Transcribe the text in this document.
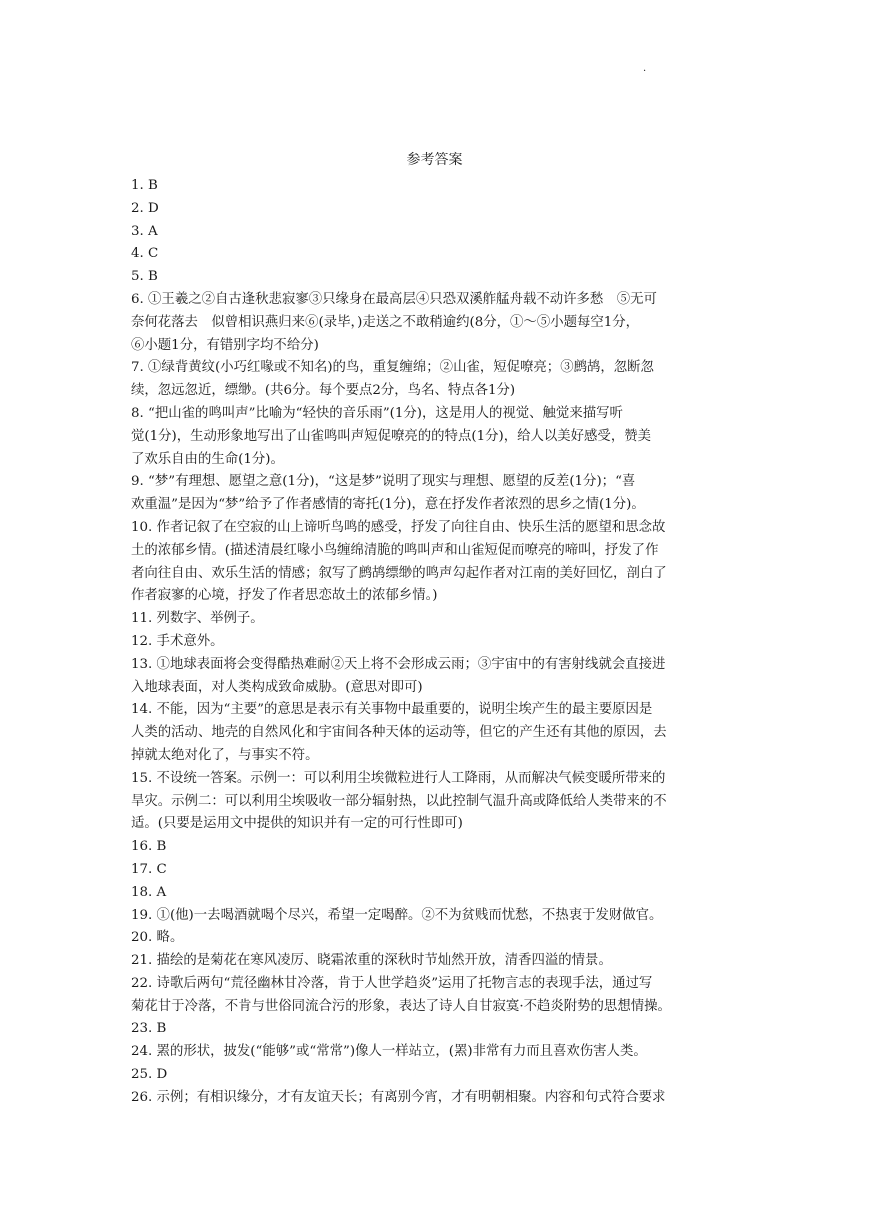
.
参考答案
1. B
2. D
3. A
4. C
5. B
6. ①王羲之②自古逢秋悲寂寥③只缘身在最高层④只恐双溪舴艋舟载不动许多愁　⑤无可
奈何花落去　似曾相识燕归来⑥(录毕，)走送之不敢稍逾约(8分，①～⑤小题每空1分，
⑥小题1分，有错别字均不给分)
7. ①绿背黄纹(小巧红喙或不知名)的鸟，重复缠绵；②山雀，短促嘹亮；③鹧鸪，忽断忽
续，忽远忽近，缥缈。(共6分。每个要点2分，鸟名、特点各1分)
8. “把山雀的鸣叫声”比喻为“轻快的音乐雨”(1分)，这是用人的视觉、触觉来描写听
觉(1分)，生动形象地写出了山雀鸣叫声短促嘹亮的的特点(1分)，给人以美好感受，赞美
了欢乐自由的生命(1分)。
9. “梦”有理想、愿望之意(1分)，“这是梦”说明了现实与理想、愿望的反差(1分)；“喜
欢重温”是因为“梦”给予了作者感情的寄托(1分)，意在抒发作者浓烈的思乡之情(1分)。
10. 作者记叙了在空寂的山上谛听鸟鸣的感受，抒发了向往自由、快乐生活的愿望和思念故
土的浓郁乡情。(描述清晨红喙小鸟缠绵清脆的鸣叫声和山雀短促而嘹亮的啼叫，抒发了作
者向往自由、欢乐生活的情感；叙写了鹧鸪缥缈的鸣声勾起作者对江南的美好回忆，剖白了
作者寂寥的心境，抒发了作者思恋故土的浓郁乡情。)
11. 列数字、举例子。
12. 手术意外。
13. ①地球表面将会变得酷热难耐②天上将不会形成云雨；③宇宙中的有害射线就会直接进
入地球表面，对人类构成致命威胁。(意思对即可)
14. 不能，因为“主要”的意思是表示有关事物中最重要的，说明尘埃产生的最主要原因是
人类的活动、地壳的自然风化和宇宙间各种天体的运动等，但它的产生还有其他的原因，去
掉就太绝对化了，与事实不符。
15. 不设统一答案。示例一：可以利用尘埃微粒进行人工降雨，从而解决气候变暖所带来的
旱灾。示例二：可以利用尘埃吸收一部分辐射热，以此控制气温升高或降低给人类带来的不
适。(只要是运用文中提供的知识并有一定的可行性即可)
16. B
17. C
18. A
19. ①(他)一去喝酒就喝个尽兴，希望一定喝醉。②不为贫贱而忧愁，不热衷于发财做官。
20. 略。
21. 描绘的是菊花在寒风凌厉、晓霜浓重的深秋时节灿然开放，清香四溢的情景。
22. 诗歌后两句“荒径幽林甘冷落，肯于人世学趋炎”运用了托物言志的表现手法，通过写
菊花甘于冷落，不肯与世俗同流合污的形象，表达了诗人自甘寂寞·不趋炎附势的思想情操。
23. B
24. 罴的形状，披发(“能够”或“常常”)像人一样站立，(罴)非常有力而且喜欢伤害人类。
25. D
26. 示例；有相识缘分，才有友谊天长；有离别今宵，才有明朝相聚。内容和句式符合要求
